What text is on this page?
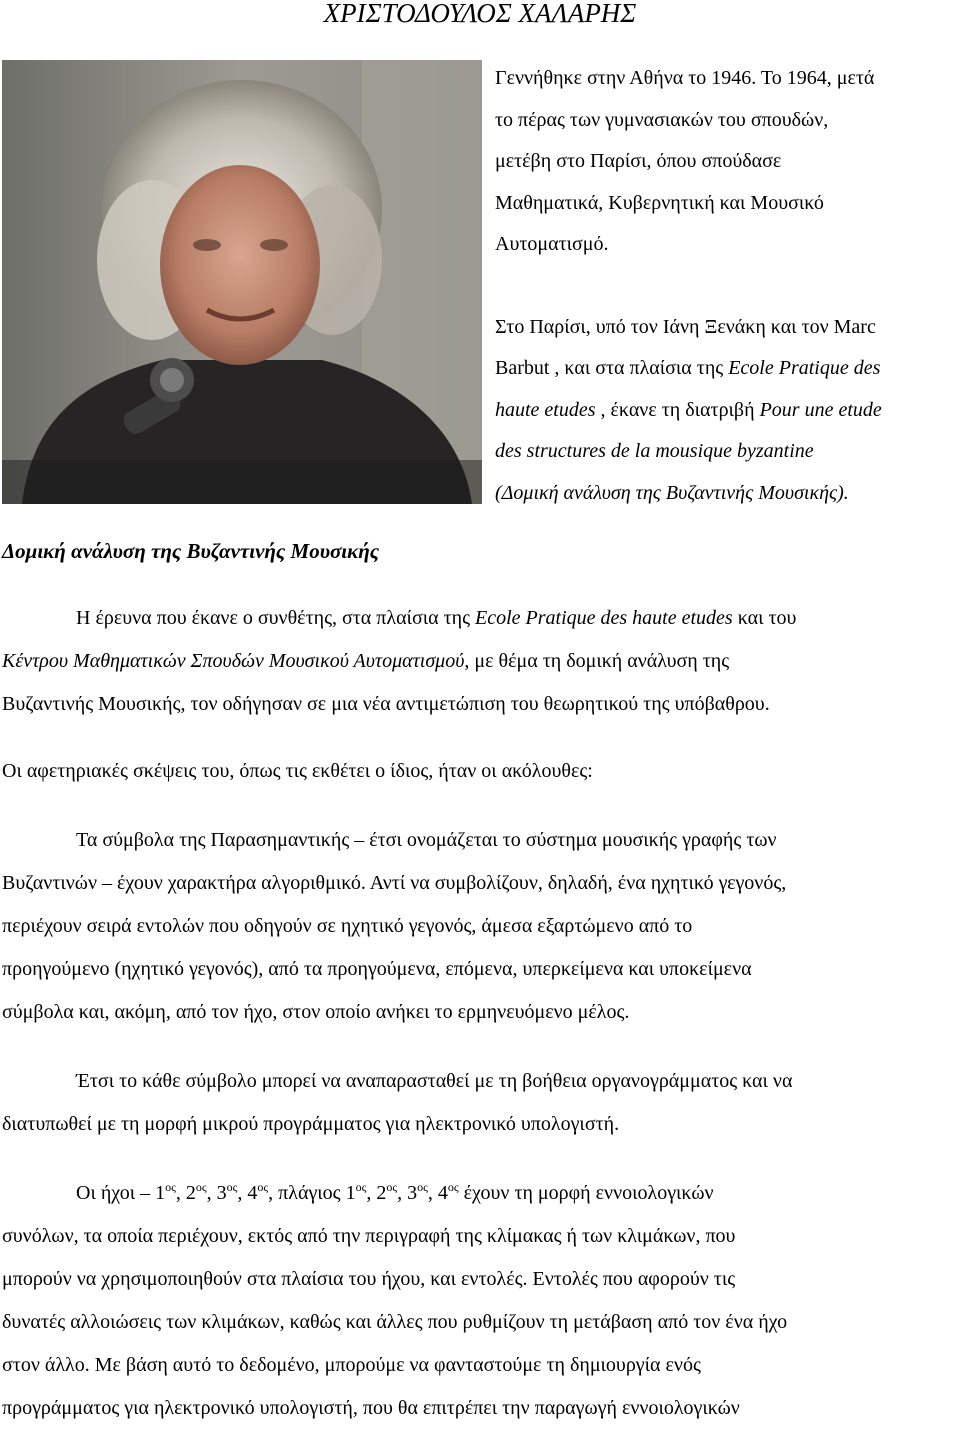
ΧΡΙΣΤΟΔΟΥΛΟΣ ΧΑΛΑΡΗΣ

Γεννήθηκε στην Αθήνα το 1946. Το 1964, μετά
το πέρας των γυμνασιακών του σπουδών,
μετέβη στο Παρίσι, όπου σπούδασε
Μαθηματικά, Κυβερνητική και Μουσικό
Αυτοματισμό.

Στο Παρίσι, υπό τον Ιάνη Ξενάκη και τον Marc
Barbut , και στα πλαίσια της Ecole Pratique des
haute etudes , έκανε τη διατριβή Pour une etude
des structures de la mousique byzantine
(Δομική ανάλυση της Βυζαντινής Μουσικής).

Δομική ανάλυση της Βυζαντινής Μουσικής

Η έρευνα που έκανε ο συνθέτης, στα πλαίσια της Ecole Pratique des haute etudes και του
Κέντρου Μαθηματικών Σπουδών Μουσικού Αυτοματισμού, με θέμα τη δομική ανάλυση της
Βυζαντινής Μουσικής, τον οδήγησαν σε μια νέα αντιμετώπιση του θεωρητικού της υπόβαθρου.

Οι αφετηριακές σκέψεις του, όπως τις εκθέτει ο ίδιος, ήταν οι ακόλουθες:

Τα σύμβολα της Παρασημαντικής – έτσι ονομάζεται το σύστημα μουσικής γραφής των
Βυζαντινών – έχουν χαρακτήρα αλγοριθμικό. Αντί να συμβολίζουν, δηλαδή, ένα ηχητικό γεγονός,
περιέχουν σειρά εντολών που οδηγούν σε ηχητικό γεγονός, άμεσα εξαρτώμενο από το
προηγούμενο (ηχητικό γεγονός), από τα προηγούμενα, επόμενα, υπερκείμενα και υποκείμενα
σύμβολα και, ακόμη, από τον ήχο, στον οποίο ανήκει το ερμηνευόμενο μέλος.

Έτσι το κάθε σύμβολο μπορεί να αναπαρασταθεί με τη βοήθεια οργανογράμματος και να
διατυπωθεί με τη μορφή μικρού προγράμματος για ηλεκτρονικό υπολογιστή.

Οι ήχοι – $1^{o\varsigma}$, $2^{o\varsigma}$, $3^{o\varsigma}$, $4^{o\varsigma}$, πλάγιος $1^{o\varsigma}$, $2^{o\varsigma}$, $3^{o\varsigma}$, $4^{o\varsigma}$ έχουν τη μορφή εννοιολογικών
συνόλων, τα οποία περιέχουν, εκτός από την περιγραφή της κλίμακας ή των κλιμάκων, που
μπορούν να χρησιμοποιηθούν στα πλαίσια του ήχου, και εντολές. Εντολές που αφορούν τις
δυνατές αλλοιώσεις των κλιμάκων, καθώς και άλλες που ρυθμίζουν τη μετάβαση από τον ένα ήχο
στον άλλο. Με βάση αυτό το δεδομένο, μπορούμε να φανταστούμε τη δημιουργία ενός
προγράμματος για ηλεκτρονικό υπολογιστή, που θα επιτρέπει την παραγωγή εννοιολογικών
